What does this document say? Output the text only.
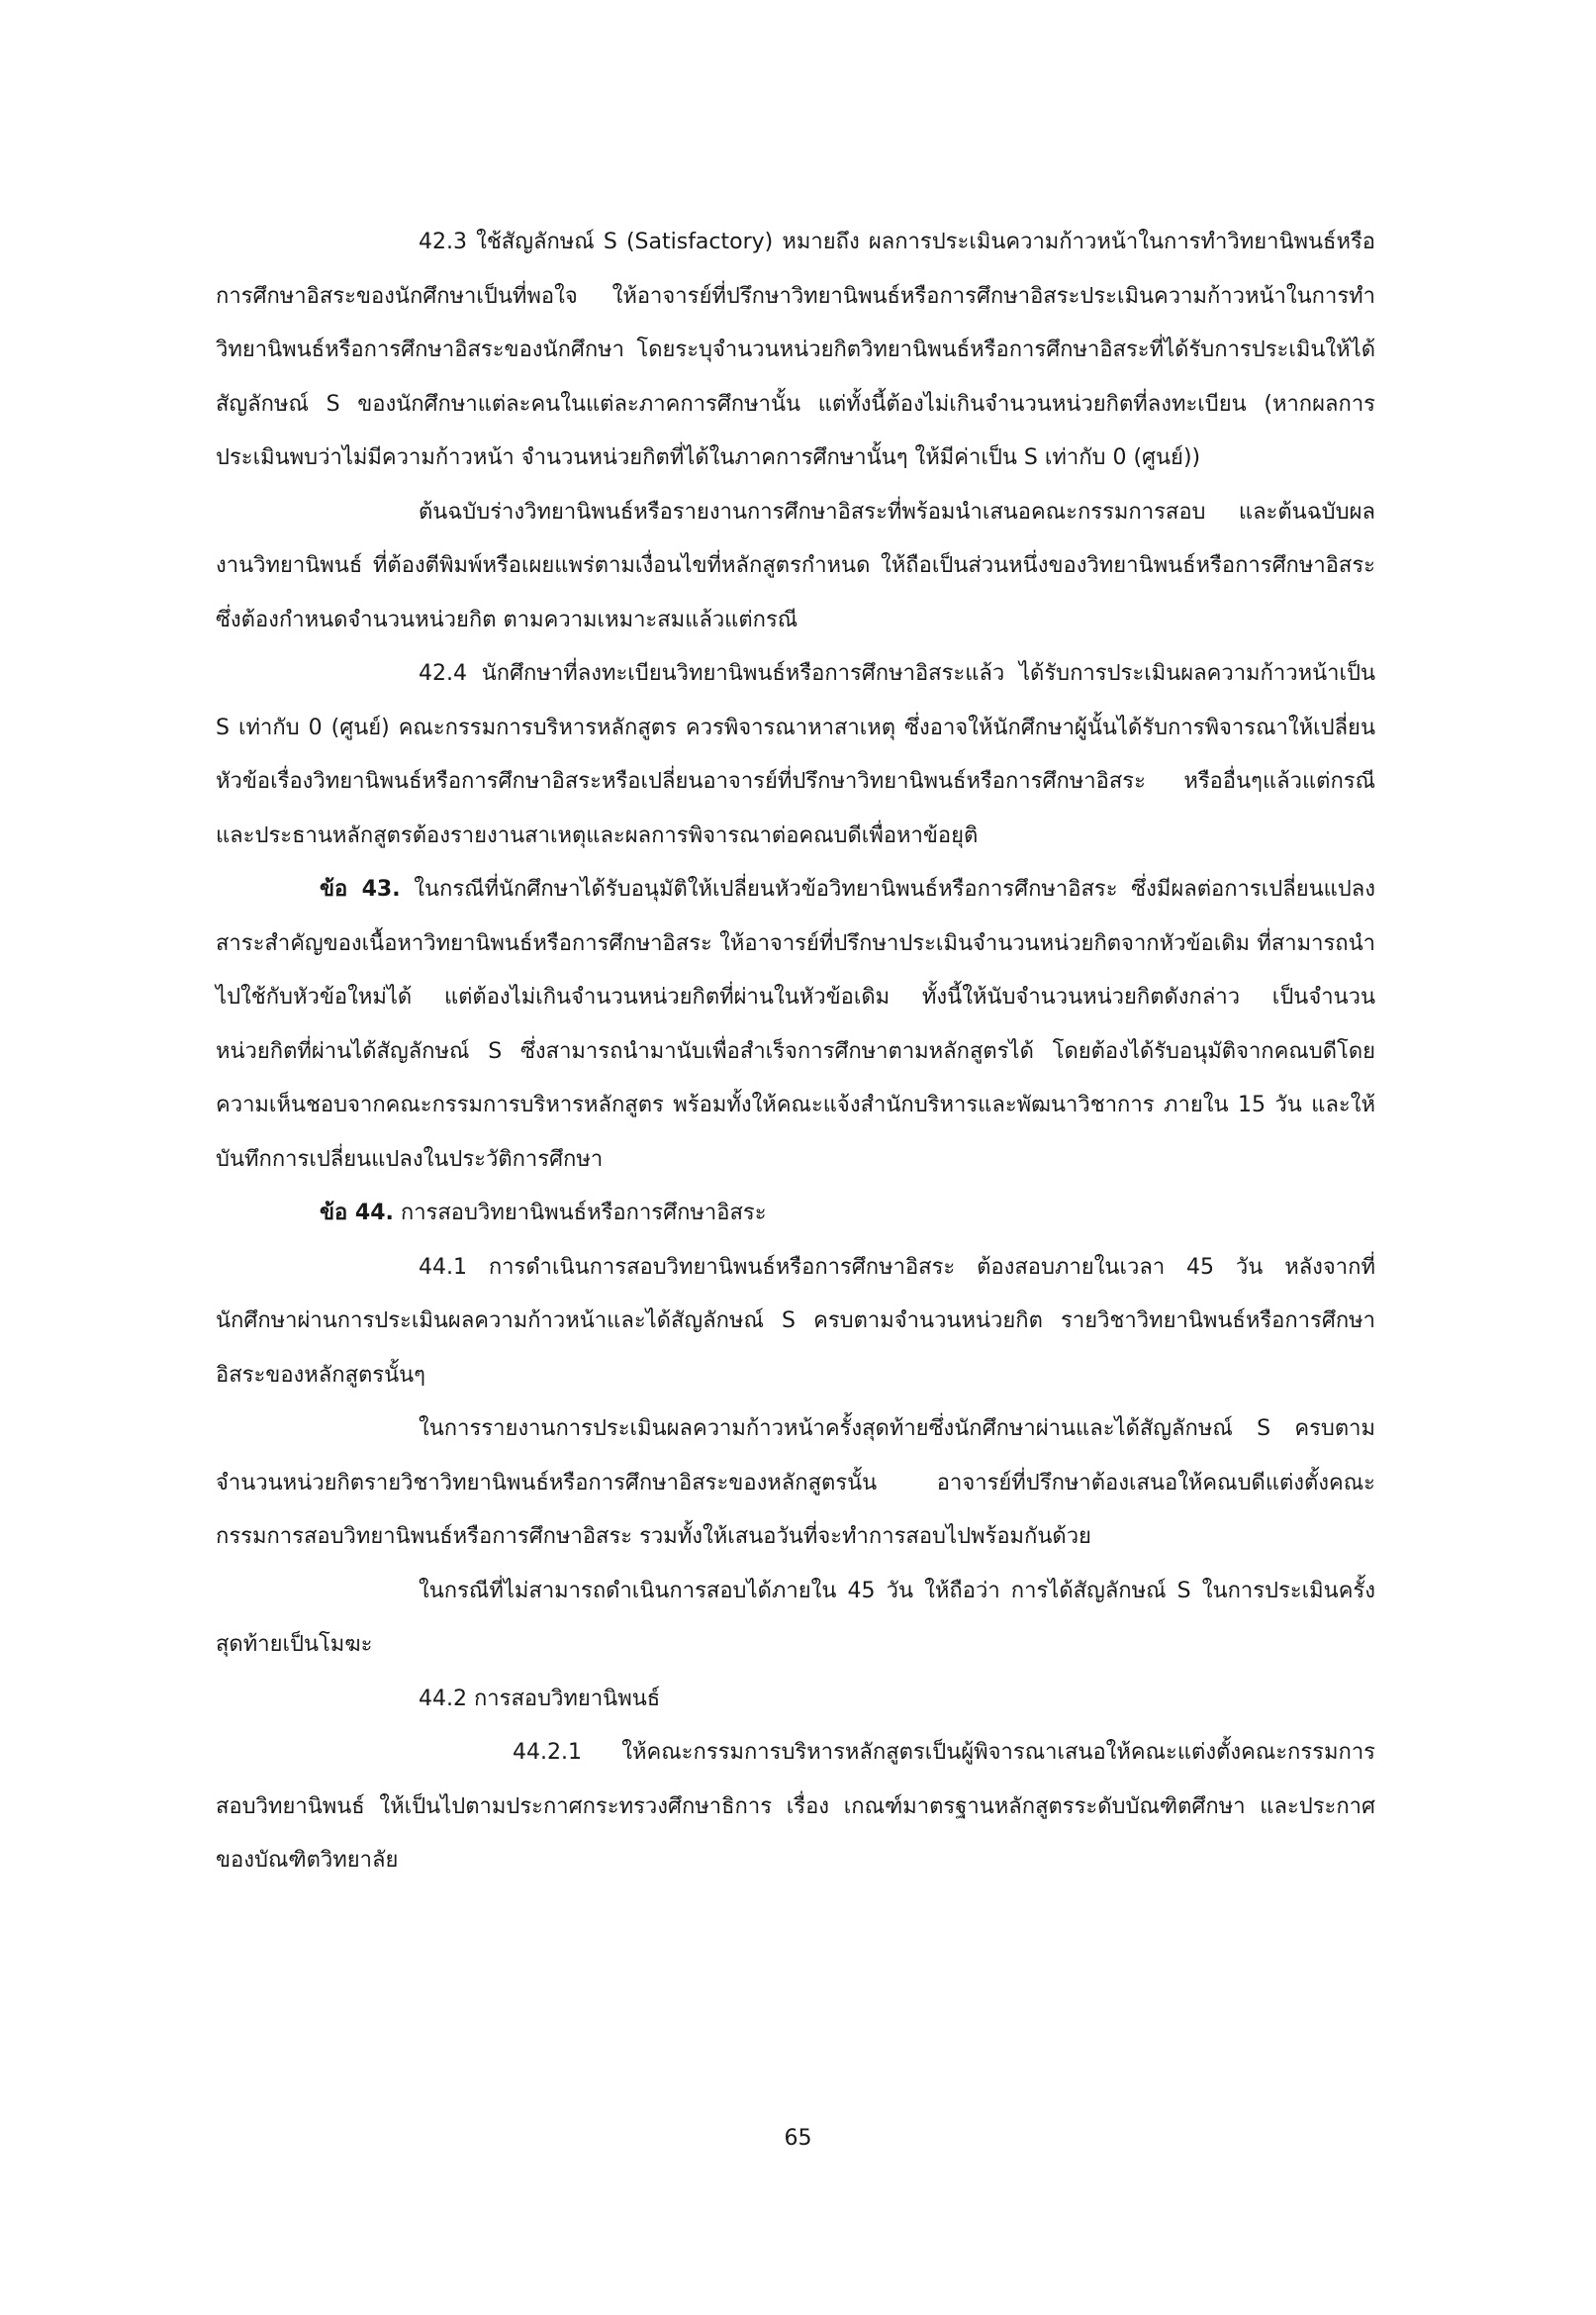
42.3 ใช้สัญลักษณ์ S (Satisfactory) หมายถึง ผลการประเมินความก้าวหน้าในการทำวิทยานิพนธ์หรือการศึกษาอิสระของนักศึกษาเป็นที่พอใจ ให้อาจารย์ที่ปรึกษาวิทยานิพนธ์หรือการศึกษาอิสระประเมินความก้าวหน้าในการทำวิทยานิพนธ์หรือการศึกษาอิสระของนักศึกษา โดยระบุจำนวนหน่วยกิตวิทยานิพนธ์หรือการศึกษาอิสระที่ได้รับการประเมินให้ได้สัญลักษณ์ S ของนักศึกษาแต่ละคนในแต่ละภาคการศึกษานั้น แต่ทั้งนี้ต้องไม่เกินจำนวนหน่วยกิตที่ลงทะเบียน (หากผลการประเมินพบว่าไม่มีความก้าวหน้า จำนวนหน่วยกิตที่ได้ในภาคการศึกษานั้นๆ ให้มีค่าเป็น S เท่ากับ 0 (ศูนย์))

ต้นฉบับร่างวิทยานิพนธ์หรือรายงานการศึกษาอิสระที่พร้อมนำเสนอคณะกรรมการสอบ และต้นฉบับผลงานวิทยานิพนธ์ ที่ต้องตีพิมพ์หรือเผยแพร่ตามเงื่อนไขที่หลักสูตรกำหนด ให้ถือเป็นส่วนหนึ่งของวิทยานิพนธ์หรือการศึกษาอิสระ ซึ่งต้องกำหนดจำนวนหน่วยกิต ตามความเหมาะสมแล้วแต่กรณี

42.4 นักศึกษาที่ลงทะเบียนวิทยานิพนธ์หรือการศึกษาอิสระแล้ว ได้รับการประเมินผลความก้าวหน้าเป็น S เท่ากับ 0 (ศูนย์) คณะกรรมการบริหารหลักสูตร ควรพิจารณาหาสาเหตุ ซึ่งอาจให้นักศึกษาผู้นั้นได้รับการพิจารณาให้เปลี่ยนหัวข้อเรื่องวิทยานิพนธ์หรือการศึกษาอิสระหรือเปลี่ยนอาจารย์ที่ปรึกษาวิทยานิพนธ์หรือการศึกษาอิสระ หรืออื่นๆแล้วแต่กรณี และประธานหลักสูตรต้องรายงานสาเหตุและผลการพิจารณาต่อคณบดีเพื่อหาข้อยุติ

ข้อ 43. ในกรณีที่นักศึกษาได้รับอนุมัติให้เปลี่ยนหัวข้อวิทยานิพนธ์หรือการศึกษาอิสระ ซึ่งมีผลต่อการเปลี่ยนแปลงสาระสำคัญของเนื้อหาวิทยานิพนธ์หรือการศึกษาอิสระ ให้อาจารย์ที่ปรึกษาประเมินจำนวนหน่วยกิตจากหัวข้อเดิม ที่สามารถนำไปใช้กับหัวข้อใหม่ได้ แต่ต้องไม่เกินจำนวนหน่วยกิตที่ผ่านในหัวข้อเดิม ทั้งนี้ให้นับจำนวนหน่วยกิตดังกล่าว เป็นจำนวนหน่วยกิตที่ผ่านได้สัญลักษณ์ S ซึ่งสามารถนำมานับเพื่อสำเร็จการศึกษาตามหลักสูตรได้ โดยต้องได้รับอนุมัติจากคณบดีโดยความเห็นชอบจากคณะกรรมการบริหารหลักสูตร พร้อมทั้งให้คณะแจ้งสำนักบริหารและพัฒนาวิชาการ ภายใน 15 วัน และให้บันทึกการเปลี่ยนแปลงในประวัติการศึกษา

ข้อ 44. การสอบวิทยานิพนธ์หรือการศึกษาอิสระ

44.1 การดำเนินการสอบวิทยานิพนธ์หรือการศึกษาอิสระ ต้องสอบภายในเวลา 45 วัน หลังจากที่นักศึกษาผ่านการประเมินผลความก้าวหน้าและได้สัญลักษณ์ S ครบตามจำนวนหน่วยกิต รายวิชาวิทยานิพนธ์หรือการศึกษาอิสระของหลักสูตรนั้นๆ

ในการรายงานการประเมินผลความก้าวหน้าครั้งสุดท้ายซึ่งนักศึกษาผ่านและได้สัญลักษณ์ S ครบตามจำนวนหน่วยกิตรายวิชาวิทยานิพนธ์หรือการศึกษาอิสระของหลักสูตรนั้น อาจารย์ที่ปรึกษาต้องเสนอให้คณบดีแต่งตั้งคณะกรรมการสอบวิทยานิพนธ์หรือการศึกษาอิสระ รวมทั้งให้เสนอวันที่จะทำการสอบไปพร้อมกันด้วย

ในกรณีที่ไม่สามารถดำเนินการสอบได้ภายใน 45 วัน ให้ถือว่า การได้สัญลักษณ์ S ในการประเมินครั้งสุดท้ายเป็นโมฆะ

44.2 การสอบวิทยานิพนธ์

44.2.1 ให้คณะกรรมการบริหารหลักสูตรเป็นผู้พิจารณาเสนอให้คณะแต่งตั้งคณะกรรมการสอบวิทยานิพนธ์ ให้เป็นไปตามประกาศกระทรวงศึกษาธิการ เรื่อง เกณฑ์มาตรฐานหลักสูตรระดับบัณฑิตศึกษา และประกาศของบัณฑิตวิทยาลัย

65
